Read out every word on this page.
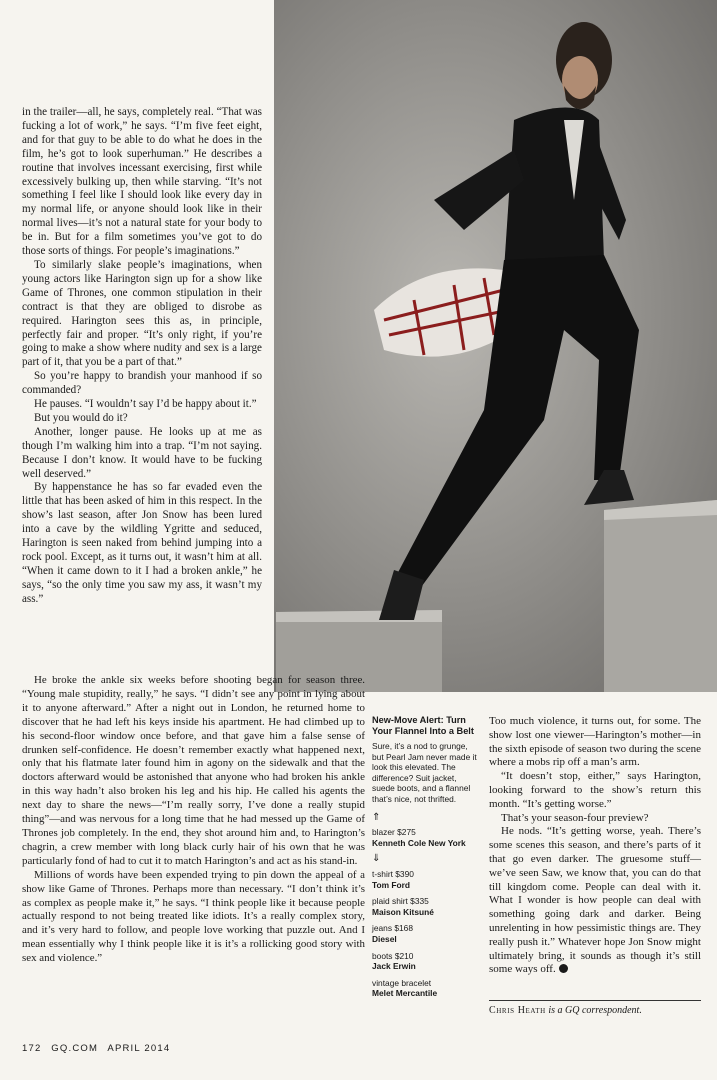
in the trailer—all, he says, completely real. “That was fucking a lot of work,” he says. “I’m five feet eight, and for that guy to be able to do what he does in the film, he’s got to look superhuman.” He describes a routine that involves incessant exercising, first while excessively bulking up, then while starving. “It’s not something I feel like I should look like every day in my normal life, or anyone should look like in their normal lives—it’s not a natural state for your body to be in. But for a film sometimes you’ve got to do those sorts of things. For people’s imaginations.”

To similarly slake people’s imaginations, when young actors like Harington sign up for a show like Game of Thrones, one common stipulation in their contract is that they are obliged to disrobe as required. Harington sees this as, in principle, perfectly fair and proper. “It’s only right, if you’re going to make a show where nudity and sex is a large part of it, that you be a part of that.”

So you’re happy to brandish your manhood if so commanded?

He pauses. “I wouldn’t say I’d be happy about it.”

But you would do it?

Another, longer pause. He looks up at me as though I’m walking him into a trap. “I’m not saying. Because I don’t know. It would have to be fucking well deserved.”

By happenstance he has so far evaded even the little that has been asked of him in this respect. In the show’s last season, after Jon Snow has been lured into a cave by the wildling Ygritte and seduced, Harington is seen naked from behind jumping into a rock pool. Except, as it turns out, it wasn’t him at all. “When it came down to it I had a broken ankle,” he says, “so the only time you saw my ass, it wasn’t my ass.”

He broke the ankle six weeks before shooting began for season three. “Young male stupidity, really,” he says. “I didn’t see any point in lying about it to anyone afterward.” After a night out in London, he returned home to discover that he had left his keys inside his apartment. He had climbed up to his second-floor window once before, and that gave him a false sense of drunken self-confidence. He doesn’t remember exactly what happened next, only that his flatmate later found him in agony on the sidewalk and that the doctors afterward would be astonished that anyone who had broken his ankle in this way hadn’t also broken his leg and his hip. He called his agents the next day to share the news—“I’m really sorry, I’ve done a really stupid thing”—and was nervous for a long time that he had messed up the Game of Thrones job completely. In the end, they shot around him and, to Harington’s chagrin, a crew member with long black curly hair of his own that he was particularly fond of had to cut it to match Harington’s and act as his stand-in.

Millions of words have been expended trying to pin down the appeal of a show like Game of Thrones. Perhaps more than necessary. “I don’t think it’s as complex as people make it,” he says. “I think people like it because people actually respond to not being treated like idiots. It’s a really complex story, and it’s very hard to follow, and people love working that puzzle out. And I mean essentially why I think people like it is it’s a rollicking good story with sex and violence.”

New-Move Alert: Turn Your Flannel Into a Belt
Sure, it’s a nod to grunge, but Pearl Jam never made it look this elevated. The difference? Suit jacket, suede boots, and a flannel that’s nice, not thrifted.
⇑
blazer $275
Kenneth Cole New York
⇓
t-shirt $390
Tom Ford
plaid shirt $335
Maison Kitsuné
jeans $168
Diesel
boots $210
Jack Erwin
vintage bracelet
Melet Mercantile

Too much violence, it turns out, for some. The show lost one viewer—Harington’s mother—in the sixth episode of season two during the scene where a mobs rip off a man’s arm.

“It doesn’t stop, either,” says Harington, looking forward to the show’s return this month. “It’s getting worse.”

That’s your season-four preview?

He nods. “It’s getting worse, yeah. There’s some scenes this season, and there’s parts of it that go even darker. The gruesome stuff—we’ve seen Saw, we know that, you can do that till kingdom come. People can deal with it. What I wonder is how people can deal with something going dark and darker. Being unrelenting in how pessimistic things are. They really push it.” Whatever hope Jon Snow might ultimately bring, it sounds as though it’s still some ways off.

Chris Heath is a GQ correspondent.
172 GQ.COM APRIL 2014
